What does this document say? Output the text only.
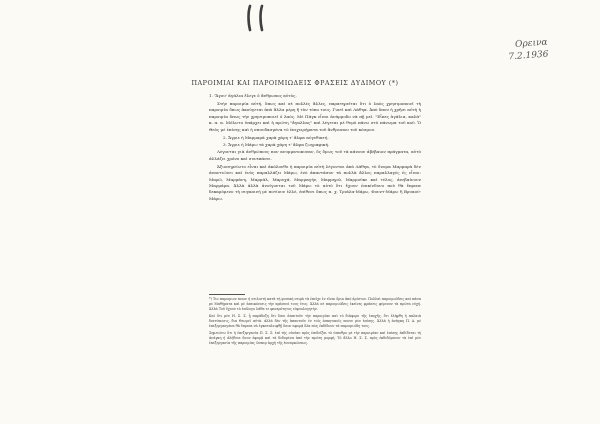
Ⅱ
Ορεινα
7.2.1936
ΠΑΡΟΙΜΙΑΙ ΚΑΙ ΠΑΡΟΙΜΙΩΔΕΙΣ ΦΡΑΣΕΙΣ ΔΥΔΙΜΟΥ (*)

1. 'Ἄγου' ἀγάλια ἔλεγε ὁ ἄνθρωπος αὐτὸς.

Στὴν παροιμία αὐτὴ, ὅπως καὶ σὲ πολλὲς ἄλλες, παρατηρεῖται ὅτι ὁ λαὸς χρησιμοποιεῖ τὴ παροιμία ὅπως ἀκούγεται ἀπὸ ἄλλα μέρη ἢ τὸν τόπο τους. Γιατὶ καὶ Λάθηα. Ἀπὸ ὅπου ἡ χρῆσι αὐτὴ ἡ παροιμία ὅπως τὴν χρησιμοποιεῖ ὁ λαός. Μὲ Πάγκ εἶναι ἀνάρμοδο νὰ πῇ μεῖ. "Εἶπες ἀγάλια, καλὰ" κ. α. α. Μόλωτο ὑπάρχει καὶ ἡ πρώτη "ἄγαλλας" καὶ λέγεται μὲ θυμὸ πάνω στὸ πάνωμα τοῦ κοῦ. Ὁ Θεὸς μὲ ἐπίσης καὶ ἡ σπουδασμένα τὸ ἐπιχειρήματα τοῦ ἄνθρωπου τοῦ κόσμου.

2. Ἄγριε ἡ Μαρμαρὰ χαρὰ χάρη τ' ἄλφα αὐγεθικτή.

3. Ἄγριε ἡ Μάρω τὰ χαρὰ χάρη τ' ἄλφα ζωγραφική.

Λέγονται γιὰ ἀνθρώπους πον ανυμματοκυναν, ὅς ὅμως τοῦ τὰ κάνουν ἀβέβαιον πράγματα, αὐτὸ ἀλλάζει χρόνο καὶ συνεπάσει.

Ἀξιοσημείωτο εἶναι καὶ ἀκόλουθο ἡ παροιμία αὐτὴ λέγονται ἀπὸ Λάθηα, τὸ ὄνομα Μαρμαρὰ δὲν ἀναντιῶνει καὶ ἐνὸς παραλλάζει Μάρω, ἐνὸ ἀπαντάσον τὰ πολλὰ ἄλλες παραλλαγὲς ἐς εἶναι: Μαρῶ, Μαρμάνη, Μαρμάλ, Μαρυχά, Μαρμαγήν, Μαρμηρῶ, Μαρμοῦκε καὶ τέλος, ἀνεβαίνουν Μαρμάρα. Ἀλλὰ ἀλλὰ ἀνοίγονται τοῦ Μάρω τὸ αὐτὸ ὅτι ἔχουν ἐπικίνδυνο ποὺ θὰ ἔπρεπε δεκαρόμενο τὴ συγκοινή μὲ ποτίουν ἐλλέ, ἐπίθεσι ὅπως π. χ. Τριάλα-Μάρω, Φουντ-Μάρω ἢ Βρυαοὺ-Μάρω.

*) Τιο παροιμιον ποιον ἡ σειλιστὴ κατὰ τὴ φυσικὴ σειρὰ τὰ ἐπεῖχε ἐν εἴναι ὅρια ἀπὸ ἀρίστου. Πολλαὶ παροιμιώδεις καὶ πάσα μὲ Μαθήματα καὶ μὲ ἀπεικόνισις τὴν πράσινό τους ἐτος. Ἀλλὰ σὲ παροιμιώδεις ἐκεῖνες φράσεις φέρνουν τὰ πρώτα εὐχή. Ἀλλὰ Τοῦ ἔχουν τὸ ἐπίλογο λάθα τε φανερότητος εὐφυολογητήν.

Καὶ ὅτι μὲν Η. Σ. Σ. ᾗ παράδοξη ὅτι ὅσοι ἀπαιτοῦν τὴν παροιμίαν καὶ τὸ διάφορο τῆς ἐποχῆς, ὅτι ἐλήφθη ἡ παλαιὰ διατύπωσις, δια Θεωρεῖ αὐτά. ἀλλὰ δὲν τῆς ἀπαντοῦν ἐν τοῖς ἀσκητικοῖς ποσιν μὲν ἐπίσης. Ἀλλὰ ἡ ἀνάγκη Π. Α. μὲ ἐπεξεργασμένα θὰ ἔπρεπε νὰ ἐγκαταλειφθῇ ὅσον αφορᾷ ὅλα πὼς ἐκδίδουν τὰ παροιμιώδη τους.

Σημειώνω ὅτι ἡ ἐπεξεργασία Π. Σ. Σ. ἐπί τὴς οὐσίαν πρὸς ἐπιδεῖξαι τὸ ὑπαιθρο μὲ τὴν παροιμίαν καὶ ἐπίσης ἐκδίδεται τὴ ἀνάγκη ἡ ἀλήθεια ὅσον ἀφορᾷ καὶ τὰ δεδομένα ἀπὸ τὴν πρώτη μορφή. Τὸ ἄλλο Η. Σ. Σ. πρὸς ἐκδιδόμενον τὰ ἐπὶ μὲν ἐπεξεργασία τῆς παροιμίας ὥσπερ ἀρχὴ τῆς ἐνσαρκώσεως.
